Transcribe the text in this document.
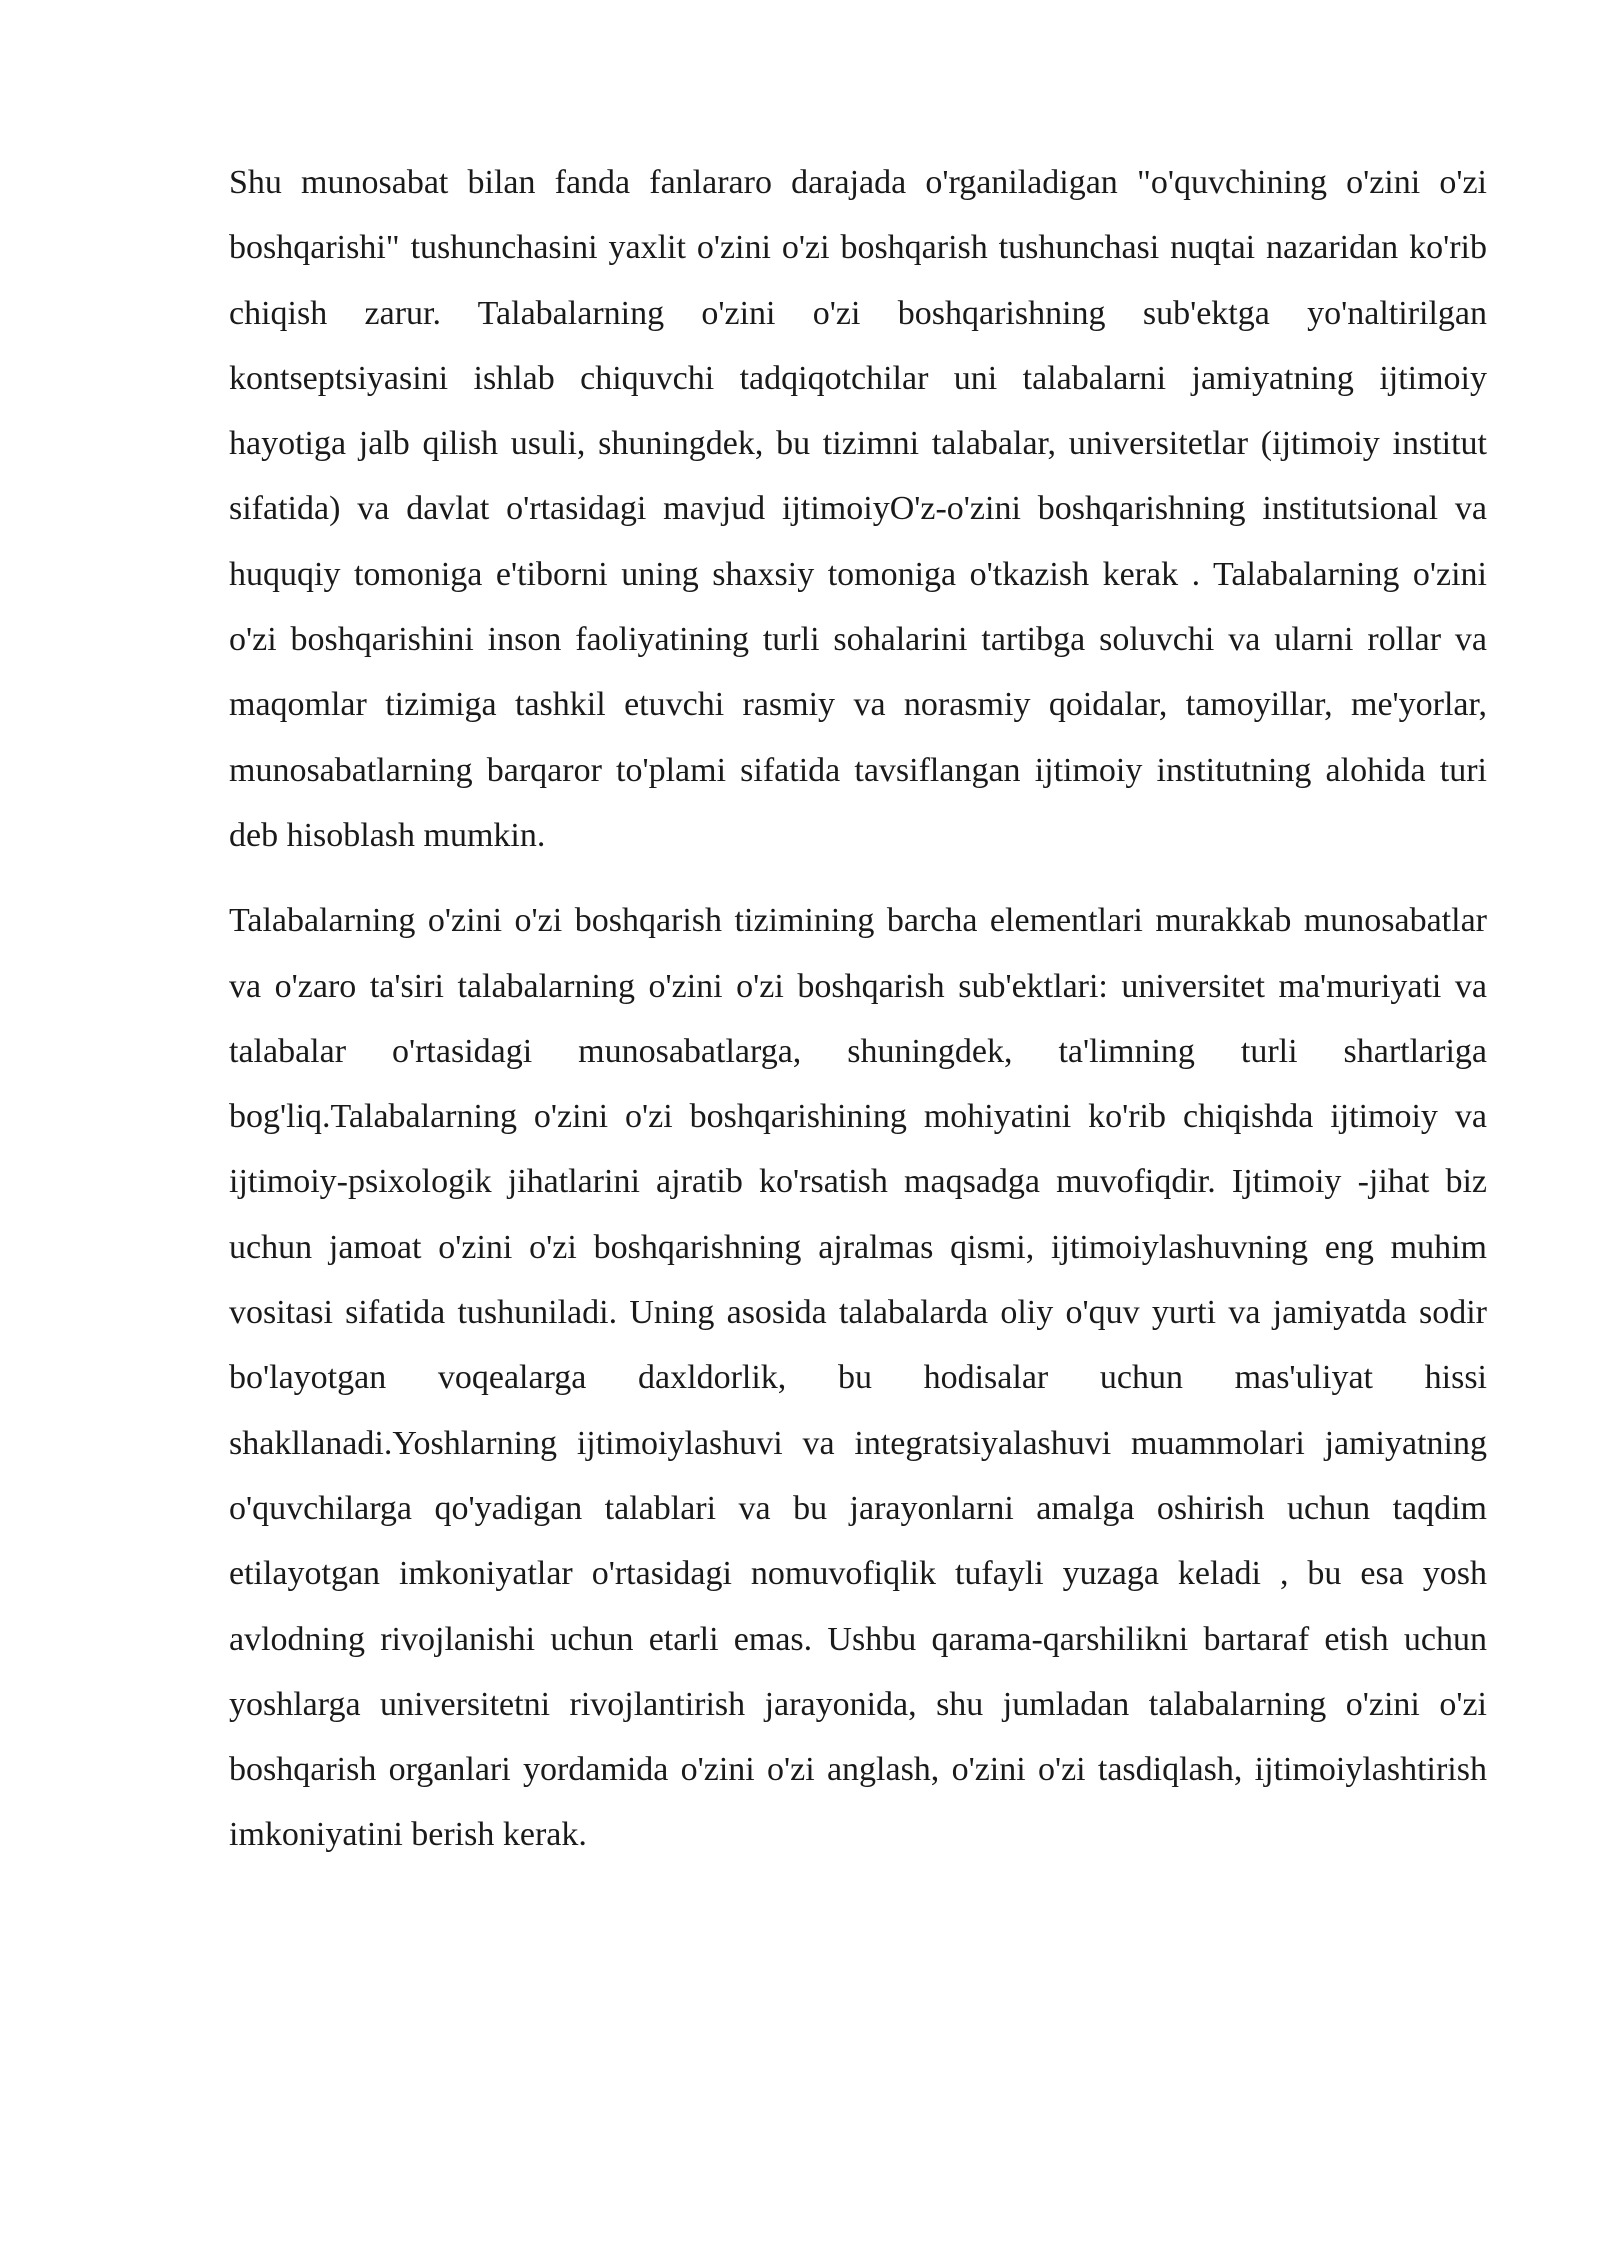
Shu munosabat bilan fanda fanlararo darajada o'rganiladigan "o'quvchining o'zini o'zi boshqarishi" tushunchasini yaxlit o'zini o'zi boshqarish tushunchasi nuqtai nazaridan ko'rib chiqish zarur. Talabalarning o'zini o'zi boshqarishning sub'ektga yo'naltirilgan kontseptsiyasini ishlab chiquvchi tadqiqotchilar uni talabalarni jamiyatning ijtimoiy hayotiga jalb qilish usuli, shuningdek, bu tizimni talabalar, universitetlar (ijtimoiy institut sifatida) va davlat o'rtasidagi mavjud ijtimoiyO'z-o'zini boshqarishning institutsional va huquqiy tomoniga e'tiborni uning shaxsiy tomoniga o'tkazish kerak . Talabalarning o'zini o'zi boshqarishini inson faoliyatining turli sohalarini tartibga soluvchi va ularni rollar va maqomlar tizimiga tashkil etuvchi rasmiy va norasmiy qoidalar, tamoyillar, me'yorlar, munosabatlarning barqaror to'plami sifatida tavsiflangan ijtimoiy institutning alohida turi deb hisoblash mumkin.

Talabalarning o'zini o'zi boshqarish tizimining barcha elementlari murakkab munosabatlar va o'zaro ta'siri talabalarning o'zini o'zi boshqarish sub'ektlari: universitet ma'muriyati va talabalar o'rtasidagi munosabatlarga, shuningdek, ta'limning turli shartlariga bog'liq.Talabalarning o'zini o'zi boshqarishining mohiyatini ko'rib chiqishda ijtimoiy va ijtimoiy-psixologik jihatlarini ajratib ko'rsatish maqsadga muvofiqdir. Ijtimoiy -jihat biz uchun jamoat o'zini o'zi boshqarishning ajralmas qismi, ijtimoiylashuvning eng muhim vositasi sifatida tushuniladi. Uning asosida talabalarda oliy o'quv yurti va jamiyatda sodir bo'layotgan voqealarga daxldorlik, bu hodisalar uchun mas'uliyat hissi shakllanadi.Yoshlarning ijtimoiylashuvi va integratsiyalashuvi muammolari jamiyatning o'quvchilarga qo'yadigan talablari va bu jarayonlarni amalga oshirish uchun taqdim etilayotgan imkoniyatlar o'rtasidagi nomuvofiqlik tufayli yuzaga keladi , bu esa yosh avlodning rivojlanishi uchun etarli emas. Ushbu qarama-qarshilikni bartaraf etish uchun yoshlarga universitetni rivojlantirish jarayonida, shu jumladan talabalarning o'zini o'zi boshqarish organlari yordamida o'zini o'zi anglash, o'zini o'zi tasdiqlash, ijtimoiylashtirish imkoniyatini berish kerak.
